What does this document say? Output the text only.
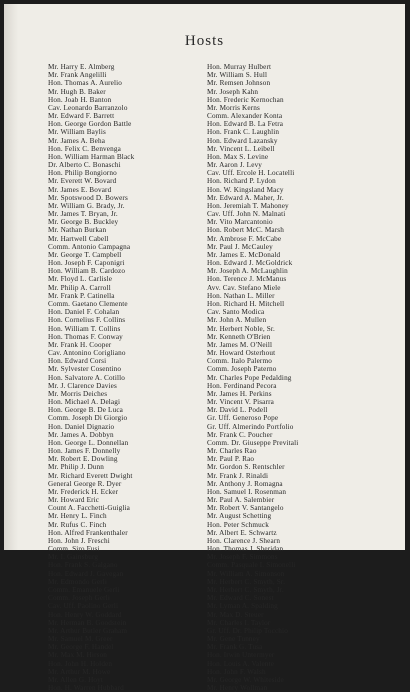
Hosts
Mr. Harry E. Almberg
Mr. Frank Angelilli
Hon. Thomas A. Aurelio
Mr. Hugh B. Baker
Hon. Joab H. Banton
Cav. Leonardo Barranzolo
Mr. Edward F. Barrett
Hon. George Gordon Battle
Mr. William Baylis
Mr. James A. Beha
Hon. Felix C. Benvenga
Hon. William Harman Black
Dr. Alberto C. Bonaschi
Hon. Philip Bongiorno
Mr. Everett W. Bovard
Mr. James E. Bovard
Mr. Spotswood D. Bowers
Mr. William G. Brady, Jr.
Mr. James T. Bryan, Jr.
Mr. George B. Buckley
Mr. Nathan Burkan
Mr. Hartwell Cabell
Comm. Antonio Campagna
Mr. George T. Campbell
Hon. Joseph F. Caponigri
Hon. William B. Cardozo
Mr. Floyd L. Carlisle
Mr. Philip A. Carroll
Mr. Frank P. Catinella
Comm. Gaetano Clemente
Hon. Daniel F. Cohalan
Hon. Cornelius F. Collins
Hon. William T. Collins
Hon. Thomas F. Conway
Mr. Frank H. Cooper
Cav. Antonino Corigliano
Hon. Edward Corsi
Mr. Sylvester Cosentino
Hon. Salvatore A. Cotillo
Mr. J. Clarence Davies
Mr. Morris Deiches
Hon. Michael A. Delagi
Hon. George B. De Luca
Comm. Joseph Di Giorgio
Hon. Daniel Dignazio
Mr. James A. Dobbyn
Hon. George L. Donnellan
Hon. James F. Donnelly
Mr. Robert E. Dowling
Mr. Philip J. Dunn
Mr. Richard Everett Dwight
General George R. Dyer
Mr. Frederick H. Ecker
Mr. Howard Eric
Count A. Facchetti-Guiglia
Mr. Henry L. Finch
Mr. Rufus C. Finch
Hon. Alfred Frankenthaler
Hon. John J. Freschi
Comm. Siro Fusi
Mr. I. Gainsburg
Hon. Frank S. Galgano
Hon. Edward J. Gavegan
Mr. Edmondo Gerli
Comm. Emanuele Gerli
Comm. Joseph Gerli
Cav. Uff. Paolino Gerli
Hon. Henry W. Goddard
Mr. Herman B. Goodstein
Mr. Arthur Butler Graham
Mr. Samuel M. Greer
Mr. George F. Handel
Mr. Max M. Hirson
Hon. John H. Holden
Mr. Arthur M. Howe
Mr. Allen G. Hoyt
Hon. H. Warren Hubbard
Hon. Murray Hulbert
Mr. William S. Hull
Mr. Remsen Johnson
Mr. Joseph Kahn
Hon. Frederic Kernochan
Mr. Morris Kerns
Comm. Alexander Konta
Hon. Edward B. La Fetra
Hon. Frank C. Laughlin
Hon. Edward Lazansky
Mr. Vincent L. Leibell
Hon. Max S. Levine
Mr. Aaron J. Levy
Cav. Uff. Ercole H. Locatelli
Hon. Richard P. Lydon
Hon. W. Kingsland Macy
Mr. Edward A. Maher, Jr.
Hon. Jeremiah T. Mahoney
Cav. Uff. John N. Malnati
Mr. Vito Marcantonio
Hon. Robert McC. Marsh
Mr. Ambrose F. McCabe
Mr. Paul J. McCauley
Mr. James E. McDonald
Hon. Edward J. McGoldrick
Mr. Joseph A. McLaughlin
Hon. Terence J. McManus
Avv. Cav. Stefano Miele
Hon. Nathan L. Miller
Hon. Richard H. Mitchell
Cav. Santo Modica
Mr. John A. Mullen
Mr. Herbert Noble, Sr.
Mr. Kenneth O'Brien
Mr. James M. O'Neill
Mr. Howard Osterhout
Comm. Italo Palermo
Comm. Joseph Paterno
Mr. Charles Pope Pedalding
Hon. Ferdinand Pecora
Mr. James H. Perkins
Mr. Vincent V. Pisarra
Mr. David L. Podell
Gr. Uff. Generoso Pope
Gr. Uff. Almerindo Portfolio
Mr. Frank C. Poucher
Comm. Dr. Giuseppe Previtali
Mr. Charles Rao
Mr. Paul P. Rao
Mr. Gordon S. Rentschler
Mr. Frank J. Rinaldi
Mr. Anthony J. Romagna
Hon. Samuel I. Rosenman
Mr. Paul A. Salembier
Mr. Robert V. Santangelo
Mr. August Schetting
Hon. Peter Schmuck
Mr. Albert E. Schwartz
Hon. Clarence J. Shearn
Hon. Thomas J. Sheridan
Mr. Joseph F. Simmons
Comm. Pasquale I. Simonelli
Mr. William A. Simonson
Mr. Herbert C. Smyth, Sr.
Mr. Herbert C. Smyth, Jr.
Mr. Edward C. Sonest
Mr. Lyman A. Spalding
Mr. Max D. Steuer
Mr. Charles I. Taylor
Gr. Uff. Dr. Philip Tocchio
Mr. Gene Tunney
Mr. Frank G. Tusa
Hon. Irwin Untermyer
Hon. Louis A. Valente
Hon. John F. Walsh
Mr. George W. Whiteside
Mr. Henry Wollman
